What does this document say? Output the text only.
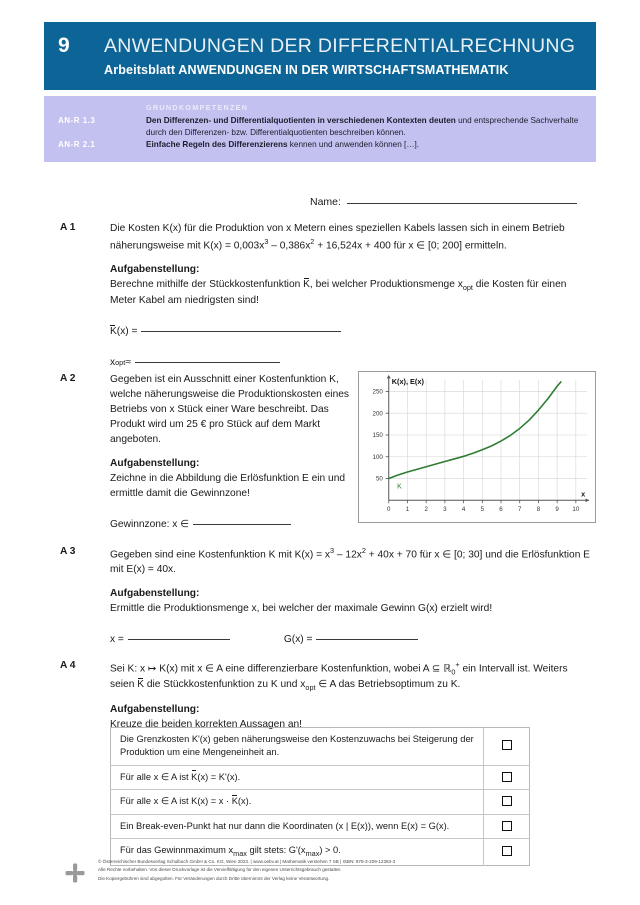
9	ANWENDUNGEN DER DIFFERENTIALRECHNUNG
Arbeitsblatt ANWENDUNGEN IN DER WIRTSCHAFTSMATHEMATIK
GRUNDKOMPETENZEN
AN-R 1.3	Den Differenzen- und Differentialquotienten in verschiedenen Kontexten deuten und entsprechende Sachverhalte durch den Differenzen- bzw. Differentialquotienten beschreiben können.
AN-R 2.1	Einfache Regeln des Differenzierens kennen und anwenden können […].
Name:
A 1	Die Kosten K(x) für die Produktion von x Metern eines speziellen Kabels lassen sich in einem Betrieb

näherungsweise mit $K(x) = 0,003x^3 - 0,386x^2 + 16,524x + 400$ für x ∈ [0; 200] ermitteln.

Aufgabenstellung:

Berechne mithilfe der Stückkostenfunktion K, bei welcher Produktionsmenge $x_{opt}$ die Kosten für einen

Meter Kabel am niedrigsten sind!

K (x) =

x opt ≈

A 2	Gegeben ist ein Ausschnitt einer Kostenfunktion K,

welche näherungsweise die Produktionskosten eines

Betriebs von x Stück einer Ware beschreibt. Das

Produkt wird um 25 € pro Stück auf dem Markt

angeboten.

Aufgabenstellung:

Zeichne in die Abbildung die Erlösfunktion E ein und

ermittle damit die Gewinnzone!

Gewinnzone: x ∈

0 1 2 3 4 5 6 7 8 9 10
50
100
150
200
250
K(x), E(x)
x
K
A 3	Gegeben sind eine Kostenfunktion K mit $K(x) = x^3 - 12x^2 + 40x + 70$ für x ∈ [0; 30] und die Erlösfunktion E

mit E(x) = 40x.

Aufgabenstellung:

Ermittle die Produktionsmenge x, bei welcher der maximale Gewinn G(x) erzielt wird!

x =	G(x) =

A 4	Sei K: x ↦ K(x) mit x ∈ A eine differenzierbare Kostenfunktion, wobei A ⊆ ℝ$_0$+ ein Intervall ist. Weiters

seien K die Stückkostenfunktion zu K und $x_{opt}$ ∈ A das Betriebsoptimum zu K.

Aufgabenstellung:

Kreuze die beiden korrekten Aussagen an!

Die Grenzkosten K'(x) geben näherungsweise den Kostenzuwachs bei Steigerung der Produktion um eine Mengeneinheit an.	
Für alle x ∈ A ist K(x) = K'(x).	
Für alle x ∈ A ist K(x) = x · K(x).	
Ein Break-even-Punkt hat nur dann die Koordinaten (x | E(x)), wenn E(x) = G(x).	
Für das Gewinnmaximum $x_{max}$ gilt stets: $G'(x_{max}) > 0$.	
© Österreichischer Bundesverlag Schulbuch GmbH & Co. KG, Wien 2023. | www.oebv.at | Mathematik verstehen 7 SB | ISBN: 978-3-209-12363-3
Alle Rechte vorbehalten. Von dieser Druckvorlage ist die Vervielfältigung für den eigenen Unterrichtsgebrauch gestattet.
Die Kopiergebühren sind abgegolten. Für Veränderungen durch Dritte übernimmt der Verlag keine Verantwortung.
